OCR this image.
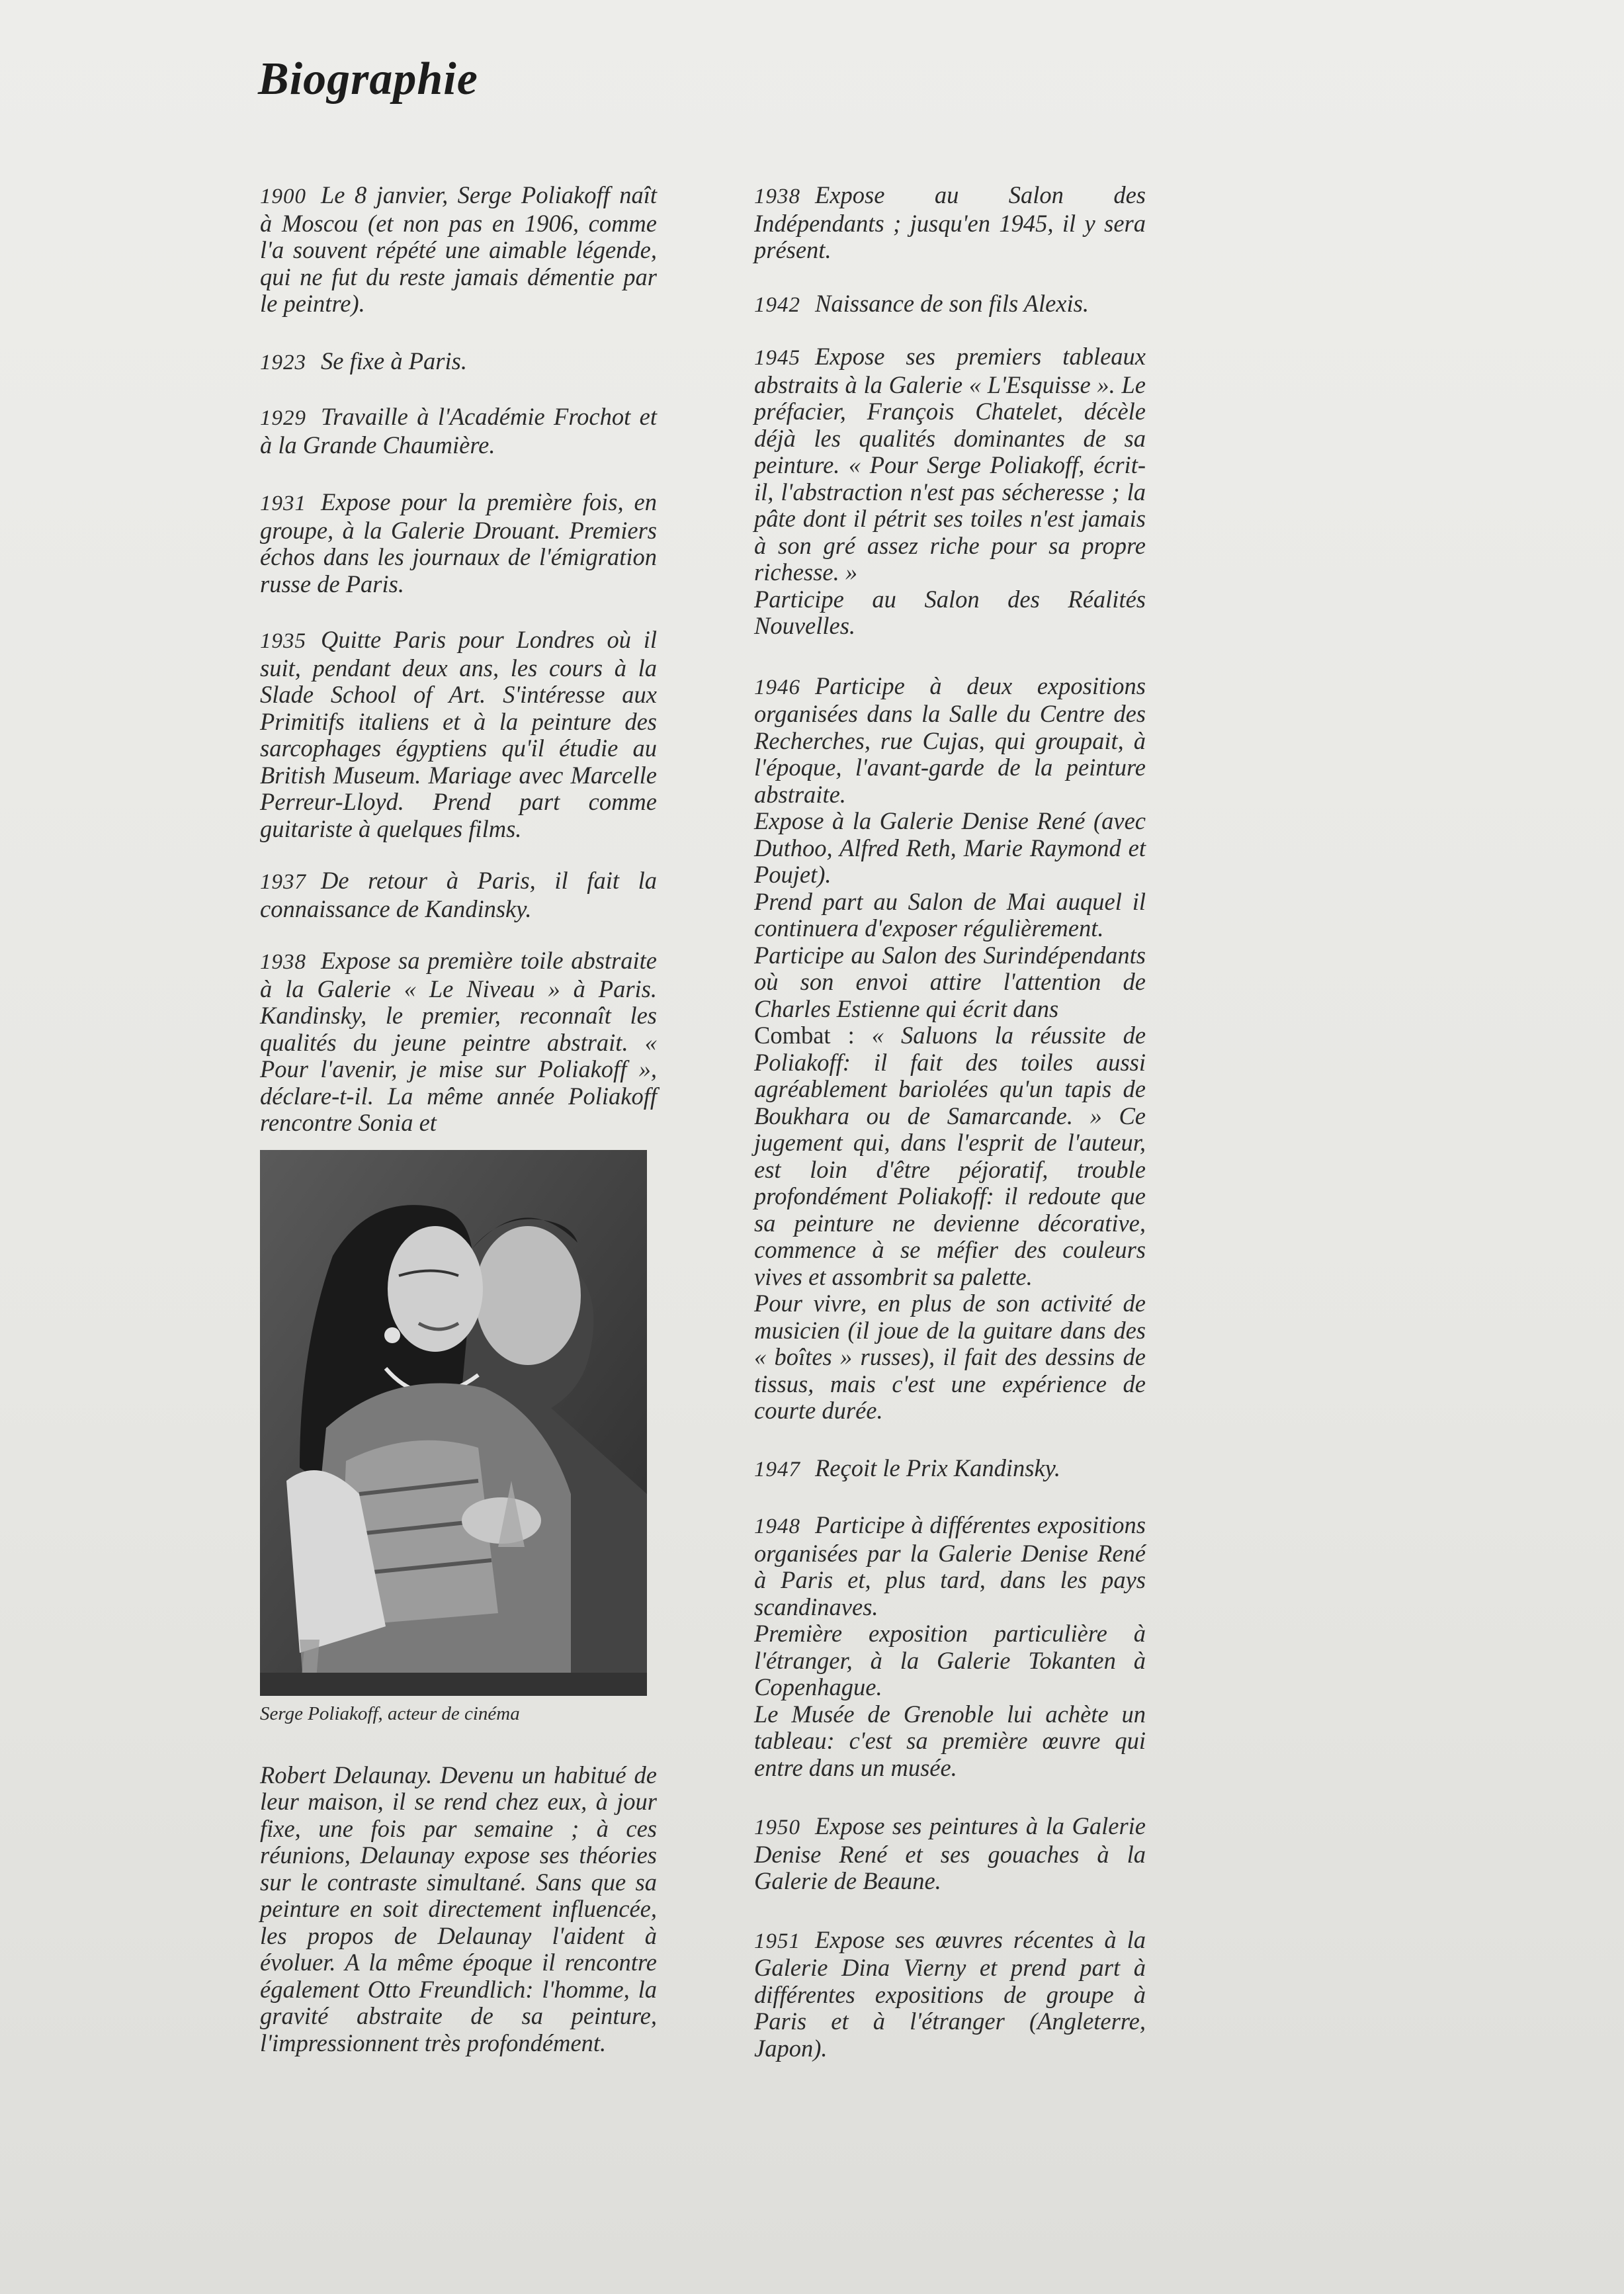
Biographie

1900 Le 8 janvier, Serge Poliakoff naît à Moscou (et non pas en 1906, comme l'a souvent répété une aimable légende, qui ne fut du reste jamais démentie par le peintre).

1923 Se fixe à Paris.

1929 Travaille à l'Académie Frochot et à la Grande Chaumière.

1931 Expose pour la première fois, en groupe, à la Galerie Drouant. Premiers échos dans les journaux de l'émigration russe de Paris.

1935 Quitte Paris pour Londres où il suit, pendant deux ans, les cours à la Slade School of Art. S'intéresse aux Primitifs italiens et à la peinture des sarcophages égyptiens qu'il étudie au British Museum. Mariage avec Marcelle Perreur-Lloyd. Prend part comme guitariste à quelques films.

1937 De retour à Paris, il fait la connaissance de Kandinsky.

1938 Expose sa première toile abstraite à la Galerie « Le Niveau » à Paris. Kandinsky, le premier, reconnaît les qualités du jeune peintre abstrait. « Pour l'avenir, je mise sur Poliakoff », déclare-t-il. La même année Poliakoff rencontre Sonia et

Serge Poliakoff, acteur de cinéma

Robert Delaunay. Devenu un habitué de leur maison, il se rend chez eux, à jour fixe, une fois par semaine ; à ces réunions, Delaunay expose ses théories sur le contraste simultané. Sans que sa peinture en soit directement influencée, les propos de Delaunay l'aident à évoluer. A la même époque il rencontre également Otto Freundlich: l'homme, la gravité abstraite de sa peinture, l'impressionnent très profondément.

1938 Expose au Salon des Indépendants ; jusqu'en 1945, il y sera présent.

1942 Naissance de son fils Alexis.

1945 Expose ses premiers tableaux abstraits à la Galerie « L'Esquisse ». Le préfacier, François Chatelet, décèle déjà les qualités dominantes de sa peinture. « Pour Serge Poliakoff, écrit-il, l'abstraction n'est pas sécheresse ; la pâte dont il pétrit ses toiles n'est jamais à son gré assez riche pour sa propre richesse. »

Participe au Salon des Réalités Nouvelles.

1946 Participe à deux expositions organisées dans la Salle du Centre des Recherches, rue Cujas, qui groupait, à l'époque, l'avant-garde de la peinture abstraite.

Expose à la Galerie Denise René (avec Duthoo, Alfred Reth, Marie Raymond et Poujet).

Prend part au Salon de Mai auquel il continuera d'exposer régulièrement.

Participe au Salon des Surindépendants où son envoi attire l'attention de Charles Estienne qui écrit dans

Combat : « Saluons la réussite de Poliakoff: il fait des toiles aussi agréablement bariolées qu'un tapis de Boukhara ou de Samarcande. » Ce jugement qui, dans l'esprit de l'auteur, est loin d'être péjoratif, trouble profondément Poliakoff: il redoute que sa peinture ne devienne décorative, commence à se méfier des couleurs vives et assombrit sa palette.

Pour vivre, en plus de son activité de musicien (il joue de la guitare dans des « boîtes » russes), il fait des dessins de tissus, mais c'est une expérience de courte durée.

1947 Reçoit le Prix Kandinsky.

1948 Participe à différentes expositions organisées par la Galerie Denise René à Paris et, plus tard, dans les pays scandinaves.

Première exposition particulière à l'étranger, à la Galerie Tokanten à Copenhague.

Le Musée de Grenoble lui achète un tableau: c'est sa première œuvre qui entre dans un musée.

1950 Expose ses peintures à la Galerie Denise René et ses gouaches à la Galerie de Beaune.

1951 Expose ses œuvres récentes à la Galerie Dina Vierny et prend part à différentes expositions de groupe à Paris et à l'étranger (Angleterre, Japon).
